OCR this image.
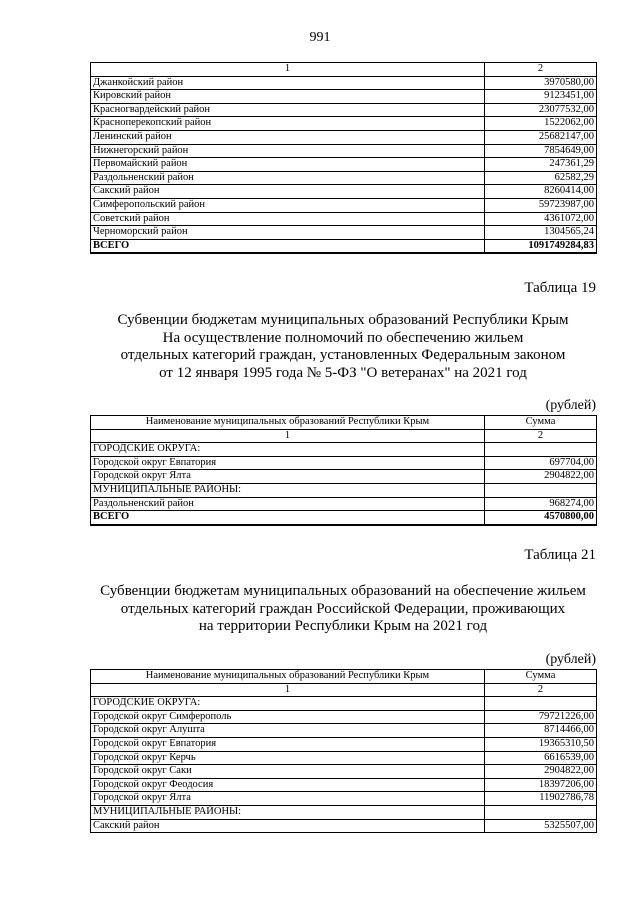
991
1	2
Джанкойский район	3970580,00
Кировский район	9123451,00
Красногвардейский район	23077532,00
Красноперекопский район	1522062,00
Ленинский район	25682147,00
Нижнегорский район	7854649,00
Первомайский район	247361,29
Раздольненский район	62582,29
Сакский район	8260414,00
Симферопольский район	59723987,00
Советский район	4361072,00
Черноморский район	1304565,24
ВСЕГО	1091749284,83
Таблица 19
Субвенции бюджетам муниципальных образований Республики Крым
На осуществление полномочий по обеспечению жильем
отдельных категорий граждан, установленных Федеральным законом
от 12 января 1995 года № 5-ФЗ "О ветеранах" на 2021 год
(рублей)
Наименование муниципальных образований Республики Крым	Сумма
1	2
ГОРОДСКИЕ ОКРУГА:	
Городской округ Евпатория	697704,00
Городской округ Ялта	2904822,00
МУНИЦИПАЛЬНЫЕ РАЙОНЫ:	
Раздольненский район	968274,00
ВСЕГО	4570800,00
Таблица 21
Субвенции бюджетам муниципальных образований на обеспечение жильем
отдельных категорий граждан Российской Федерации, проживающих
на территории Республики Крым на 2021 год
(рублей)
Наименование муниципальных образований Республики Крым	Сумма
1	2
ГОРОДСКИЕ ОКРУГА:	
Городской округ Симферополь	79721226,00
Городской округ Алушта	8714466,00
Городской округ Евпатория	19365310,50
Городской округ Керчь	6616539,00
Городской округ Саки	2904822,00
Городской округ Феодосия	18397206,00
Городской округ Ялта	11902786,78
МУНИЦИПАЛЬНЫЕ РАЙОНЫ:	
Сакский район	5325507,00
